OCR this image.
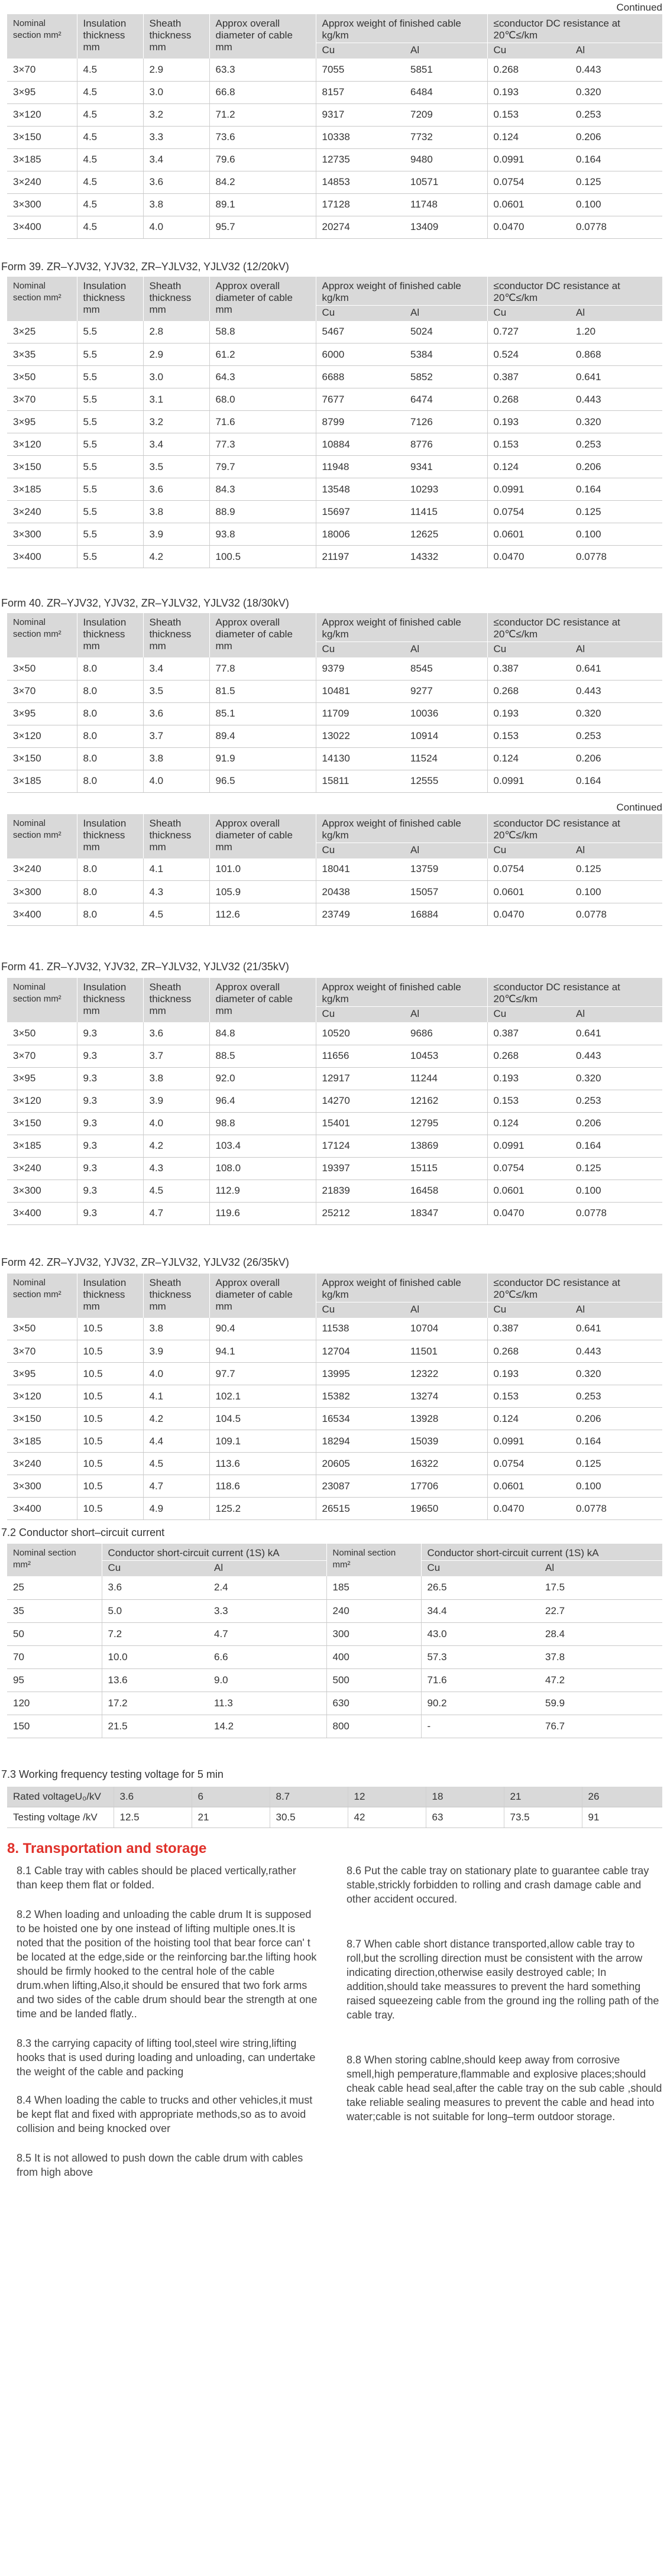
Continued
Nominal section mm²	Insulation thickness mm	Sheath thickness mm	Approx overall diameter of cable mm	Approx weight of finished cable kg/km		≤conductor DC resistance at 20℃≤/km	
				Cu	Al	Cu	Al
3×70	4.5	2.9	63.3	7055	5851	0.268	0.443
3×95	4.5	3.0	66.8	8157	6484	0.193	0.320
3×120	4.5	3.2	71.2	9317	7209	0.153	0.253
3×150	4.5	3.3	73.6	10338	7732	0.124	0.206
3×185	4.5	3.4	79.6	12735	9480	0.0991	0.164
3×240	4.5	3.6	84.2	14853	10571	0.0754	0.125
3×300	4.5	3.8	89.1	17128	11748	0.0601	0.100
3×400	4.5	4.0	95.7	20274	13409	0.0470	0.0778
Form 39. ZR–YJV32, YJV32, ZR–YJLV32, YJLV32 (12/20kV)
Nominal section mm²	Insulation thickness mm	Sheath thickness mm	Approx overall diameter of cable mm	Approx weight of finished cable kg/km		≤conductor DC resistance at 20℃≤/km	
				Cu	Al	Cu	Al
3×25	5.5	2.8	58.8	5467	5024	0.727	1.20
3×35	5.5	2.9	61.2	6000	5384	0.524	0.868
3×50	5.5	3.0	64.3	6688	5852	0.387	0.641
3×70	5.5	3.1	68.0	7677	6474	0.268	0.443
3×95	5.5	3.2	71.6	8799	7126	0.193	0.320
3×120	5.5	3.4	77.3	10884	8776	0.153	0.253
3×150	5.5	3.5	79.7	11948	9341	0.124	0.206
3×185	5.5	3.6	84.3	13548	10293	0.0991	0.164
3×240	5.5	3.8	88.9	15697	11415	0.0754	0.125
3×300	5.5	3.9	93.8	18006	12625	0.0601	0.100
3×400	5.5	4.2	100.5	21197	14332	0.0470	0.0778
Form 40. ZR–YJV32, YJV32, ZR–YJLV32, YJLV32 (18/30kV)
Nominal section mm²	Insulation thickness mm	Sheath thickness mm	Approx overall diameter of cable mm	Approx weight of finished cable kg/km		≤conductor DC resistance at 20℃≤/km	
				Cu	Al	Cu	Al
3×50	8.0	3.4	77.8	9379	8545	0.387	0.641
3×70	8.0	3.5	81.5	10481	9277	0.268	0.443
3×95	8.0	3.6	85.1	11709	10036	0.193	0.320
3×120	8.0	3.7	89.4	13022	10914	0.153	0.253
3×150	8.0	3.8	91.9	14130	11524	0.124	0.206
3×185	8.0	4.0	96.5	15811	12555	0.0991	0.164
Continued
Nominal section mm²	Insulation thickness mm	Sheath thickness mm	Approx overall diameter of cable mm	Approx weight of finished cable kg/km		≤conductor DC resistance at 20℃≤/km	
				Cu	Al	Cu	Al
3×240	8.0	4.1	101.0	18041	13759	0.0754	0.125
3×300	8.0	4.3	105.9	20438	15057	0.0601	0.100
3×400	8.0	4.5	112.6	23749	16884	0.0470	0.0778
Form 41. ZR–YJV32, YJV32, ZR–YJLV32, YJLV32 (21/35kV)
Nominal section mm²	Insulation thickness mm	Sheath thickness mm	Approx overall diameter of cable mm	Approx weight of finished cable kg/km		≤conductor DC resistance at 20℃≤/km	
				Cu	Al	Cu	Al
3×50	9.3	3.6	84.8	10520	9686	0.387	0.641
3×70	9.3	3.7	88.5	11656	10453	0.268	0.443
3×95	9.3	3.8	92.0	12917	11244	0.193	0.320
3×120	9.3	3.9	96.4	14270	12162	0.153	0.253
3×150	9.3	4.0	98.8	15401	12795	0.124	0.206
3×185	9.3	4.2	103.4	17124	13869	0.0991	0.164
3×240	9.3	4.3	108.0	19397	15115	0.0754	0.125
3×300	9.3	4.5	112.9	21839	16458	0.0601	0.100
3×400	9.3	4.7	119.6	25212	18347	0.0470	0.0778
Form 42. ZR–YJV32, YJV32, ZR–YJLV32, YJLV32 (26/35kV)
Nominal section mm²	Insulation thickness mm	Sheath thickness mm	Approx overall diameter of cable mm	Approx weight of finished cable kg/km		≤conductor DC resistance at 20℃≤/km	
				Cu	Al	Cu	Al
3×50	10.5	3.8	90.4	11538	10704	0.387	0.641
3×70	10.5	3.9	94.1	12704	11501	0.268	0.443
3×95	10.5	4.0	97.7	13995	12322	0.193	0.320
3×120	10.5	4.1	102.1	15382	13274	0.153	0.253
3×150	10.5	4.2	104.5	16534	13928	0.124	0.206
3×185	10.5	4.4	109.1	18294	15039	0.0991	0.164
3×240	10.5	4.5	113.6	20605	16322	0.0754	0.125
3×300	10.5	4.7	118.6	23087	17706	0.0601	0.100
3×400	10.5	4.9	125.2	26515	19650	0.0470	0.0778
7.2 Conductor short–circuit current
Nominal section mm²	Conductor short-circuit current (1S) kA		Nominal section mm²	Conductor short-circuit current (1S) kA	
	Cu	Al		Cu	Al
25	3.6	2.4	185	26.5	17.5
35	5.0	3.3	240	34.4	22.7
50	7.2	4.7	300	43.0	28.4
70	10.0	6.6	400	57.3	37.8
95	13.6	9.0	500	71.6	47.2
120	17.2	11.3	630	90.2	59.9
150	21.5	14.2	800	-	76.7
7.3 Working frequency testing voltage for 5 min
Rated voltageU₀/kV	3.6	6	8.7	12	18	21	26
Testing voltage /kV	12.5	21	30.5	42	63	73.5	91
8. Transportation and storage

8.1 Cable tray with cables should be placed vertically,rather than keep them flat or folded.

8.2 When loading and unloading the cable drum It is supposed to be hoisted one by one instead of lifting multiple ones.It is noted that the position of the hoisting tool that bear force can' t be located at the edge,side or the reinforcing bar.the lifting hook should be firmly hooked to the central hole of the cable drum.when lifting,Also,it should be ensured that two fork arms and two sides of the cable drum should bear the strength at one time and be landed flatly..

8.3 the carrying capacity of lifting tool,steel wire string,lifting hooks that is used during loading and unloading, can undertake the weight of the cable and packing

8.4 When loading the cable to trucks and other vehicles,it must be kept flat and fixed with appropriate methods,so as to avoid collision and being knocked over

8.5 It is not allowed to push down the cable drum with cables from high above

8.6 Put the cable tray on stationary plate to guarantee cable tray stable,strickly forbidden to rolling and crash damage cable and other accident occured.

8.7 When cable short distance transported,allow cable tray to roll,but the scrolling direction must be consistent with the arrow indicating direction,otherwise easily destroyed cable; In addition,should take meassures to prevent the hard something raised squeezeing cable from the ground ing the rolling path of the cable tray.

8.8 When storing cablne,should keep away from corrosive smell,high pemperature,flammable and explosive places;should cheak cable head seal,after the cable tray on the sub cable ,should take reliable sealing measures to prevent the cable and head into water;cable is not suitable for long–term outdoor storage.
